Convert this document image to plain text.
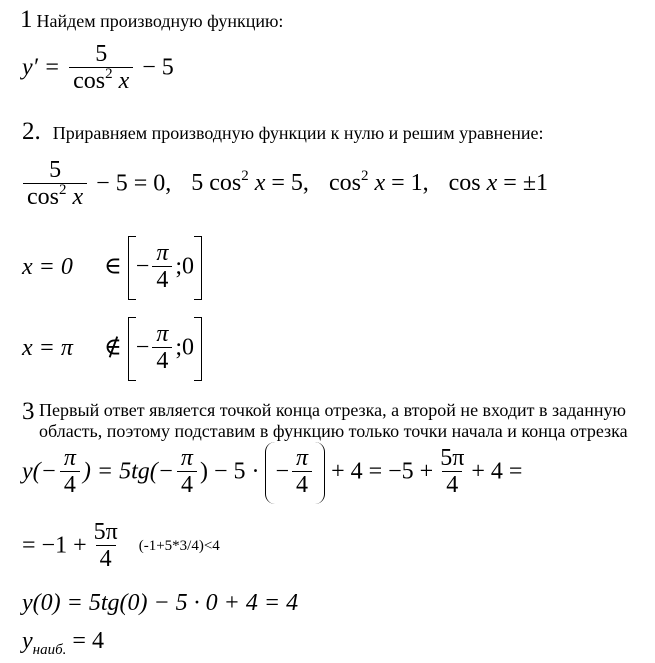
1 Найдем производную функцию:
$y' = \frac{5}{\cos^2 x} - 5$
2. Приравняем производную функции к нулю и решим уравнение:
$\frac{5}{\cos^2 x} - 5 = 0$, 5 $\cos^2 x = 5$, $\cos^2 x = 1$, cos x = ±1
x = 0 ∈ − $\frac{\pi}{4}$ ;0
x = π ∉ − $\frac{\pi}{4}$ ;0
3 Первый ответ является точкой конца отрезка, а второй не входит в заданную
область, поэтому подставим в функцию только точки начала и конца отрезка
$y(- \frac{\pi}{4}$ ) = $5tg(- \frac{\pi}{4}$ ) − 5 · − $\frac{\pi}{4} + 4 = -5 + \frac{5\pi}{4} + 4$ =
= $-1 + \frac{5\pi}{4} (-1+5*3/4)<4$
y(0) = 5tg(0) − 5 · 0 + 4 = 4
$y_{наиб.} = 4$
